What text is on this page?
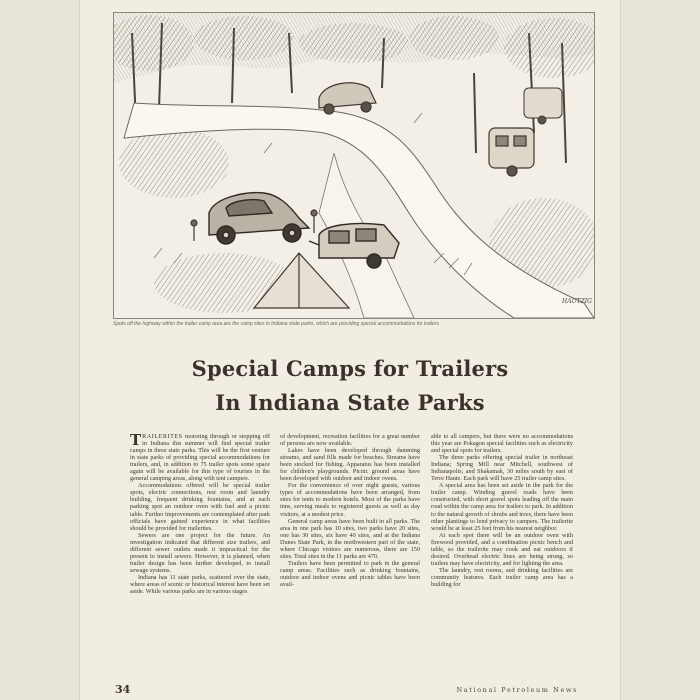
HAUTZIG
Spots off the highway within the trailer camp area are the camp sites in Indiana state parks, which are providing special accommodations for trailers
Special Camps for Trailers
In Indiana State Parks

TRAILERITES motoring through or stopping off in Indiana this summer will find special trailer camps in three state parks. This will be the first venture in state parks of providing special accommodations for trailers, and, in addition to 75 trailer spots some space again will be available for this type of tourists in the general camping areas, along with tent campers.

Accommodations offered will be special trailer spots, electric connections, rest room and laundry building, frequent drinking fountains, and at each parking spot an outdoor oven with fuel and a picnic table. Further improvements are contemplated after park officials have gained experience in what facilities should be provided for trailerites.

Sewers are one project for the future. An investigation indicated that different size trailers, and different sewer outlets made it impractical for the present to install sewers. However, it is planned, when trailer design has been further developed, to install sewage systems.

Indiana has 11 state parks, scattered over the state, where areas of scenic or historical interest have been set aside. While various parks are in various stages

of development, recreation facilities for a great number of persons are now available.

Lakes have been developed through damming streams, and sand fills made for beaches. Streams have been stocked for fishing. Apparatus has been installed for children's playgrounds. Picnic ground areas have been developed with outdoor and indoor ovens.

For the convenience of over night guests, various types of accommodations have been arranged, from sites for tents to modern hotels. Most of the parks have inns, serving meals to registered guests as well as day visitors, at a modest price.

General camp areas have been built in all parks. The area in one park has 10 sites, two parks have 20 sites, one has 30 sites, six have 40 sites, and at the Indiana Dunes State Park, in the northwestern part of the state, where Chicago visitors are numerous, there are 150 sites. Total sites in the 11 parks are 470.

Trailers have been permitted to park in the general camp areas. Facilities such as drinking fountains, outdoor and indoor ovens and picnic tables have been avail-

able to all campers, but there were no accommodations this year are Pokagon special facilities such as electricity and special spots for trailers.

The three parks offering special trailer in northeast Indiana; Spring Mill near Mitchell, southwest of Indianapolis; and Shakamak, 30 miles south by east of Terre Haute. Each park will have 25 trailer camp sites.

A special area has been set aside in the park for the trailer camp. Winding gravel roads have been constructed, with short gravel spots leading off the main road within the camp area for trailers to park. In addition to the natural growth of shrubs and trees, there have been other plantings to lend privacy to campers. The trailerite would be at least 25 feet from his nearest neighbor.

At each spot there will be an outdoor oven with firewood provided, and a combination picnic bench and table, so the trailerite may cook and eat outdoors if desired. Overhead electric lines are being strung, so trailers may have electricity, and for lighting the area.

The laundry, rest rooms, and drinking facilities are community features. Each trailer camp area has a building for

34	National Petroleum News
